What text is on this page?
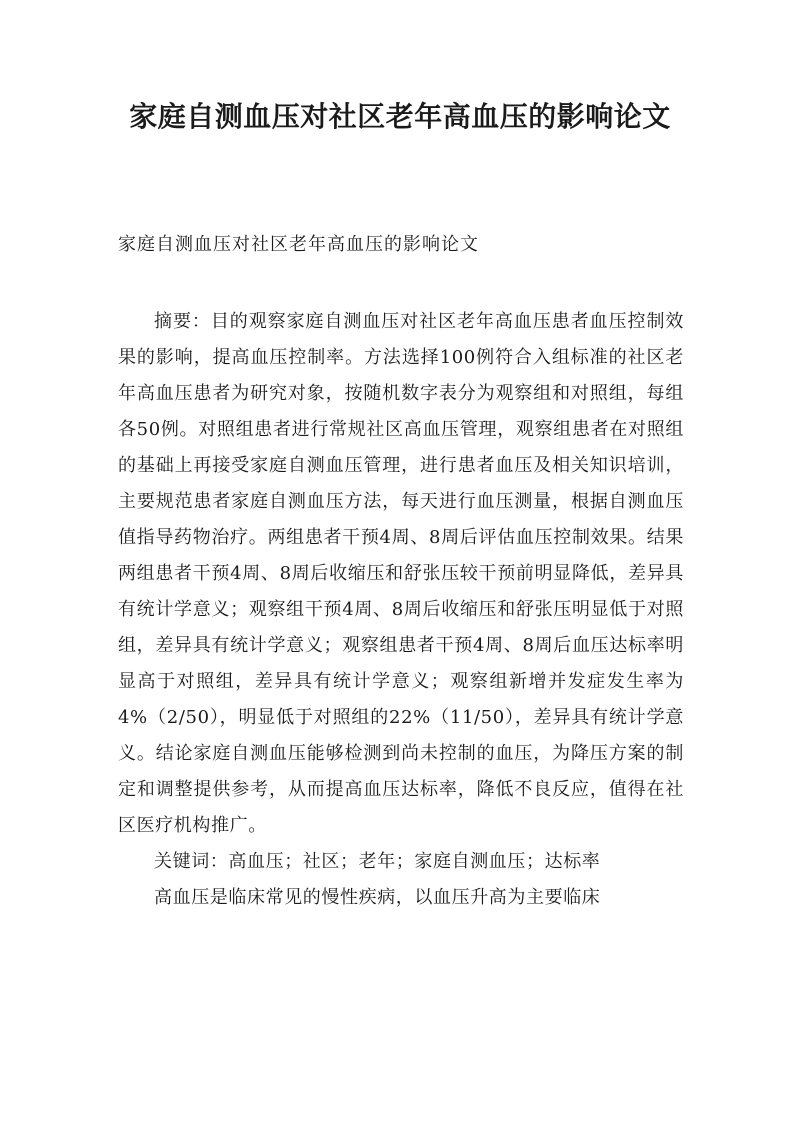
家庭自测血压对社区老年高血压的影响论文

家庭自测血压对社区老年高血压的影响论文

摘要：目的观察家庭自测血压对社区老年高血压患者血压控制效果的影响，提高血压控制率。方法选择100例符合入组标准的社区老年高血压患者为研究对象，按随机数字表分为观察组和对照组，每组各50例。对照组患者进行常规社区高血压管理，观察组患者在对照组的基础上再接受家庭自测血压管理，进行患者血压及相关知识培训，主要规范患者家庭自测血压方法，每天进行血压测量，根据自测血压值指导药物治疗。两组患者干预4周、8周后评估血压控制效果。结果两组患者干预4周、8周后收缩压和舒张压较干预前明显降低，差异具有统计学意义；观察组干预4周、8周后收缩压和舒张压明显低于对照组，差异具有统计学意义；观察组患者干预4周、8周后血压达标率明显高于对照组，差异具有统计学意义；观察组新增并发症发生率为4%（2/50），明显低于对照组的22%（11/50），差异具有统计学意义。结论家庭自测血压能够检测到尚未控制的血压，为降压方案的制定和调整提供参考，从而提高血压达标率，降低不良反应，值得在社区医疗机构推广。

关键词：高血压；社区；老年；家庭自测血压；达标率

高血压是临床常见的慢性疾病，以血压升高为主要临床
